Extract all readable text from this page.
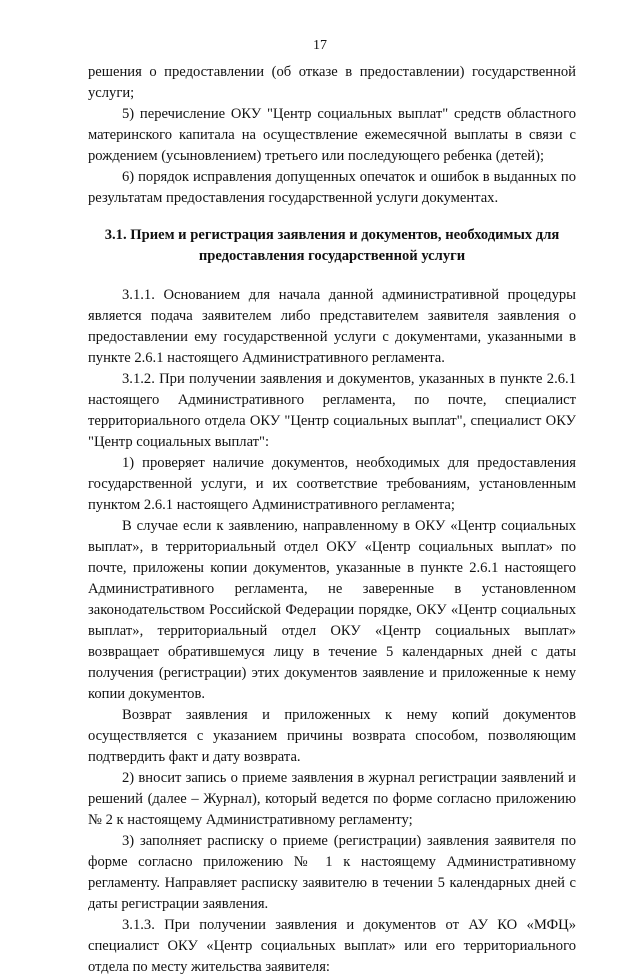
17

решения о предоставлении (об отказе в предоставлении) государственной услуги;

5) перечисление ОКУ "Центр социальных выплат" средств областного материнского капитала на осуществление ежемесячной выплаты в связи с рождением (усыновлением) третьего или последующего ребенка (детей);

6) порядок исправления допущенных опечаток и ошибок в выданных по результатам предоставления государственной услуги документах.

3.1. Прием и регистрация заявления и документов, необходимых для предоставления государственной услуги

3.1.1. Основанием для начала данной административной процедуры является подача заявителем либо представителем заявителя заявления о предоставлении ему государственной услуги с документами, указанными в пункте 2.6.1 настоящего Административного регламента.

3.1.2. При получении заявления и документов, указанных в пункте 2.6.1 настоящего Административного регламента, по почте, специалист территориального отдела ОКУ "Центр социальных выплат", специалист ОКУ "Центр социальных выплат":

1) проверяет наличие документов, необходимых для предоставления государственной услуги, и их соответствие требованиям, установленным пунктом 2.6.1 настоящего Административного регламента;

В случае если к заявлению, направленному в ОКУ «Центр социальных выплат», в территориальный отдел ОКУ «Центр социальных выплат» по почте, приложены копии документов, указанные в пункте 2.6.1 настоящего Административного регламента, не заверенные в установленном законодательством Российской Федерации порядке, ОКУ «Центр социальных выплат», территориальный отдел ОКУ «Центр социальных выплат» возвращает обратившемуся лицу в течение 5 календарных дней с даты получения (регистрации) этих документов заявление и приложенные к нему копии документов.

Возврат заявления и приложенных к нему копий документов осуществляется с указанием причины возврата способом, позволяющим подтвердить факт и дату возврата.

2) вносит запись о приеме заявления в журнал регистрации заявлений и решений (далее – Журнал), который ведется по форме согласно приложению № 2 к настоящему Административному регламенту;

3) заполняет расписку о приеме (регистрации) заявления заявителя по форме согласно приложению № 1 к настоящему Административному регламенту. Направляет расписку заявителю в течении 5 календарных дней с даты регистрации заявления.

3.1.3. При получении заявления и документов от АУ КО «МФЦ» специалист ОКУ «Центр социальных выплат» или его территориального отдела по месту жительства заявителя:
